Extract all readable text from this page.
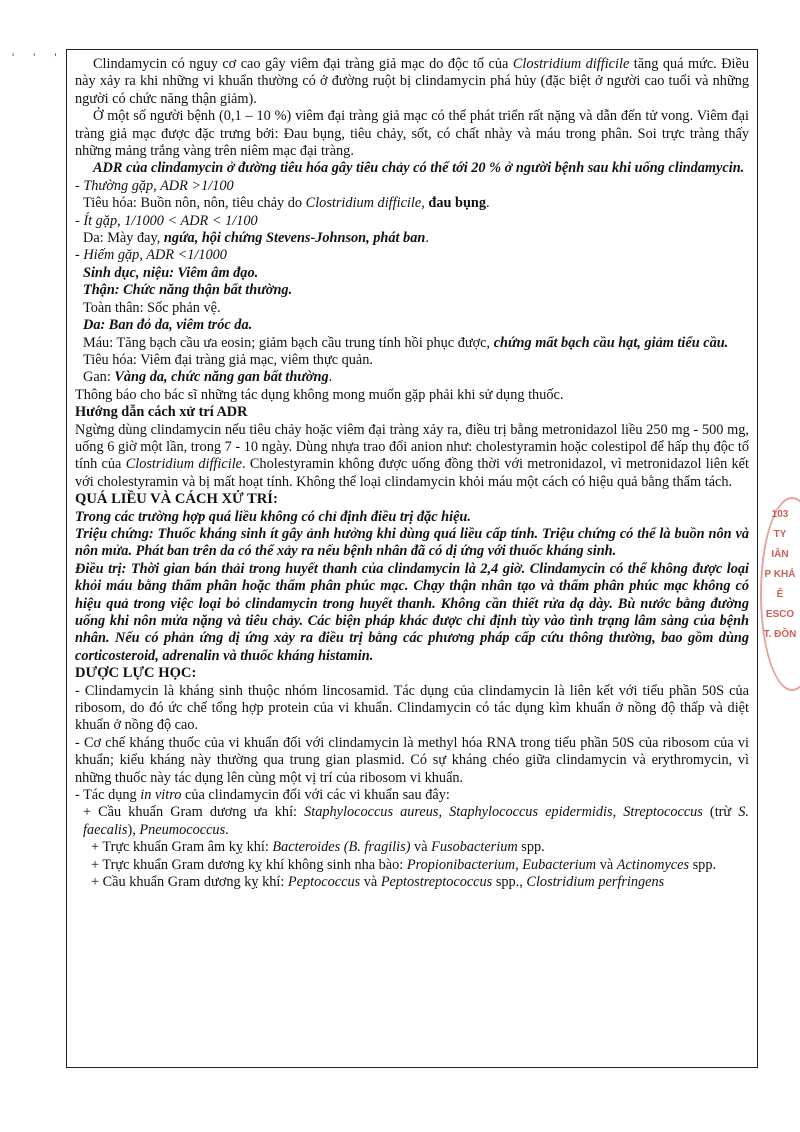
' ' '	Clindamycin có nguy cơ cao gây viêm đại tràng giả mạc do độc tố của Clostridium difficile tăng quá mức. Điều này xảy ra khi những vi khuẩn thường có ở đường ruột bị clindamycin phá hủy (đặc biệt ở người cao tuổi và những người có chức năng thận giảm).

Ở một số người bệnh (0,1 – 10 %) viêm đại tràng giả mạc có thể phát triển rất nặng và dẫn đến tử vong. Viêm đại tràng giả mạc được đặc trưng bởi: Đau bụng, tiêu chảy, sốt, có chất nhày và máu trong phân. Soi trực tràng thấy những mảng trắng vàng trên niêm mạc đại tràng.

ADR của clindamycin ở đường tiêu hóa gây tiêu chảy có thể tới 20 % ở người bệnh sau khi uống clindamycin.

- Thường gặp, ADR >1/100

Tiêu hóa: Buồn nôn, nôn, tiêu chảy do Clostridium difficile, đau bụng.

- Ít gặp, 1/1000 < ADR < 1/100

Da: Mày đay, ngứa, hội chứng Stevens-Johnson, phát ban.

- Hiếm gặp, ADR <1/1000

Sinh dục, niệu: Viêm âm đạo.

Thận: Chức năng thận bất thường.

Toàn thân: Sốc phản vệ.

Da: Ban đỏ da, viêm tróc da.

Máu: Tăng bạch cầu ưa eosin; giảm bạch cầu trung tính hồi phục được, chứng mất bạch cầu hạt, giảm tiểu cầu.

Tiêu hóa: Viêm đại tràng giả mạc, viêm thực quản.

Gan: Vàng da, chức năng gan bất thường.

Thông báo cho bác sĩ những tác dụng không mong muốn gặp phải khi sử dụng thuốc.

Hướng dẫn cách xử trí ADR

Ngừng dùng clindamycin nếu tiêu chảy hoặc viêm đại tràng xảy ra, điều trị bằng metronidazol liều 250 mg - 500 mg, uống 6 giờ một lần, trong 7 - 10 ngày. Dùng nhựa trao đổi anion như: cholestyramin hoặc colestipol để hấp thụ độc tố tính của Clostridium difficile. Cholestyramin không được uống đồng thời với metronidazol, vì metronidazol liên kết với cholestyramin và bị mất hoạt tính. Không thể loại clindamycin khỏi máu một cách có hiệu quả bằng thẩm tách.

QUÁ LIỀU VÀ CÁCH XỬ TRÍ:

Trong các trường hợp quá liều không có chỉ định điều trị đặc hiệu.

Triệu chứng: Thuốc kháng sinh ít gây ảnh hưởng khi dùng quá liều cấp tính. Triệu chứng có thể là buồn nôn và nôn mửa. Phát ban trên da có thể xảy ra nếu bệnh nhân đã có dị ứng với thuốc kháng sinh.

Điều trị: Thời gian bán thải trong huyết thanh của clindamycin là 2,4 giờ. Clindamycin có thể không được loại khỏi máu bằng thẩm phân hoặc thẩm phân phúc mạc. Chạy thận nhân tạo và thẩm phân phúc mạc không có hiệu quả trong việc loại bỏ clindamycin trong huyết thanh. Không cần thiết rửa dạ dày. Bù nước bằng đường uống khi nôn mửa nặng và tiêu chảy. Các biện pháp khác được chỉ định tùy vào tình trạng lâm sàng của bệnh nhân. Nếu có phản ứng dị ứng xảy ra điều trị bằng các phương pháp cấp cứu thông thường, bao gồm dùng corticosteroid, adrenalin và thuốc kháng histamin.

DƯỢC LỰC HỌC:

- Clindamycin là kháng sinh thuộc nhóm lincosamid. Tác dụng của clindamycin là liên kết với tiểu phần 50S của ribosom, do đó ức chế tổng hợp protein của vi khuẩn. Clindamycin có tác dụng kìm khuẩn ở nồng độ thấp và diệt khuẩn ở nồng độ cao.

- Cơ chế kháng thuốc của vi khuẩn đối với clindamycin là methyl hóa RNA trong tiểu phần 50S của ribosom của vi khuẩn; kiểu kháng này thường qua trung gian plasmid. Có sự kháng chéo giữa clindamycin và erythromycin, vì những thuốc này tác dụng lên cùng một vị trí của ribosom vi khuẩn.

- Tác dụng in vitro của clindamycin đối với các vi khuẩn sau đây:

+ Cầu khuẩn Gram dương ưa khí: Staphylococcus aureus, Staphylococcus epidermidis, Streptococcus (trừ S. faecalis), Pneumococcus.

+ Trực khuẩn Gram âm kỵ khí: Bacteroides (B. fragilis) và Fusobacterium spp.

+ Trực khuẩn Gram dương kỵ khí không sinh nha bào: Propionibacterium, Eubacterium và Actinomyces spp.

+ Cầu khuẩn Gram dương kỵ khí: Peptococcus và Peptostreptococcus spp., Clostridium perfringens

103
TY
IÂN
P KHẢ
Ê
ESCO
T. ĐỒN
